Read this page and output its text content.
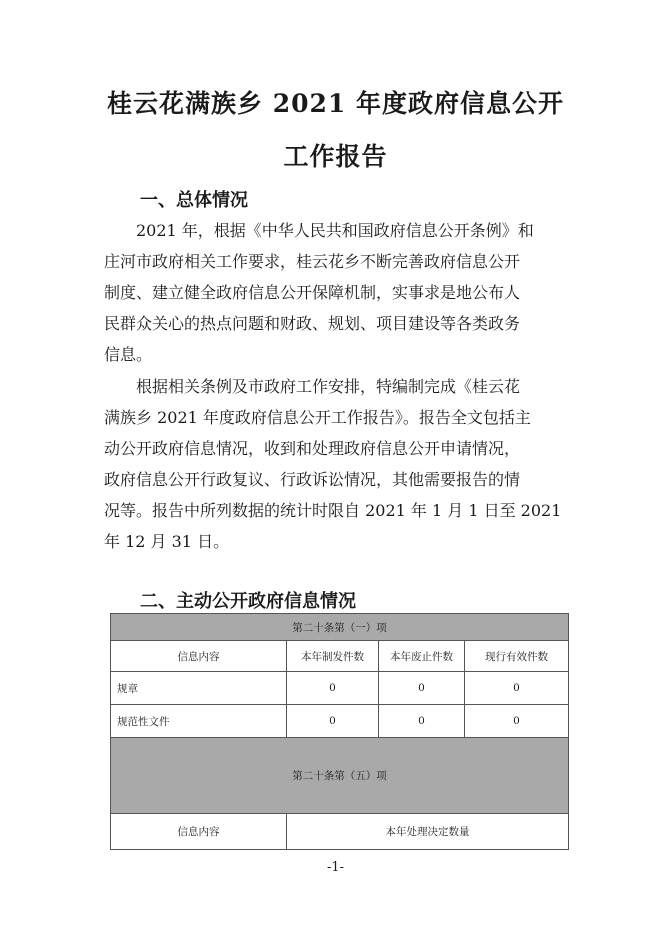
桂云花满族乡 2021 年度政府信息公开
工作报告
一、总体情况

2021 年，根据《中华人民共和国政府信息公开条例》和
庄河市政府相关工作要求，桂云花乡不断完善政府信息公开
制度、建立健全政府信息公开保障机制，实事求是地公布人
民群众关心的热点问题和财政、规划、项目建设等各类政务
信息。

根据相关条例及市政府工作安排，特编制完成《桂云花
满族乡 2021 年度政府信息公开工作报告》。报告全文包括主
动公开政府信息情况，收到和处理政府信息公开申请情况，
政府信息公开行政复议、行政诉讼情况，其他需要报告的情
况等。报告中所列数据的统计时限自 2021 年 1 月 1 日至 2021
年 12 月 31 日。

二、主动公开政府信息情况
第二十条第（一）项			
信息内容	本年制发件数	本年废止件数	现行有效件数
规章	0	0	0
规范性文件	0	0	0
第二十条第（五）项			
信息内容	本年处理决定数量		
-1-
